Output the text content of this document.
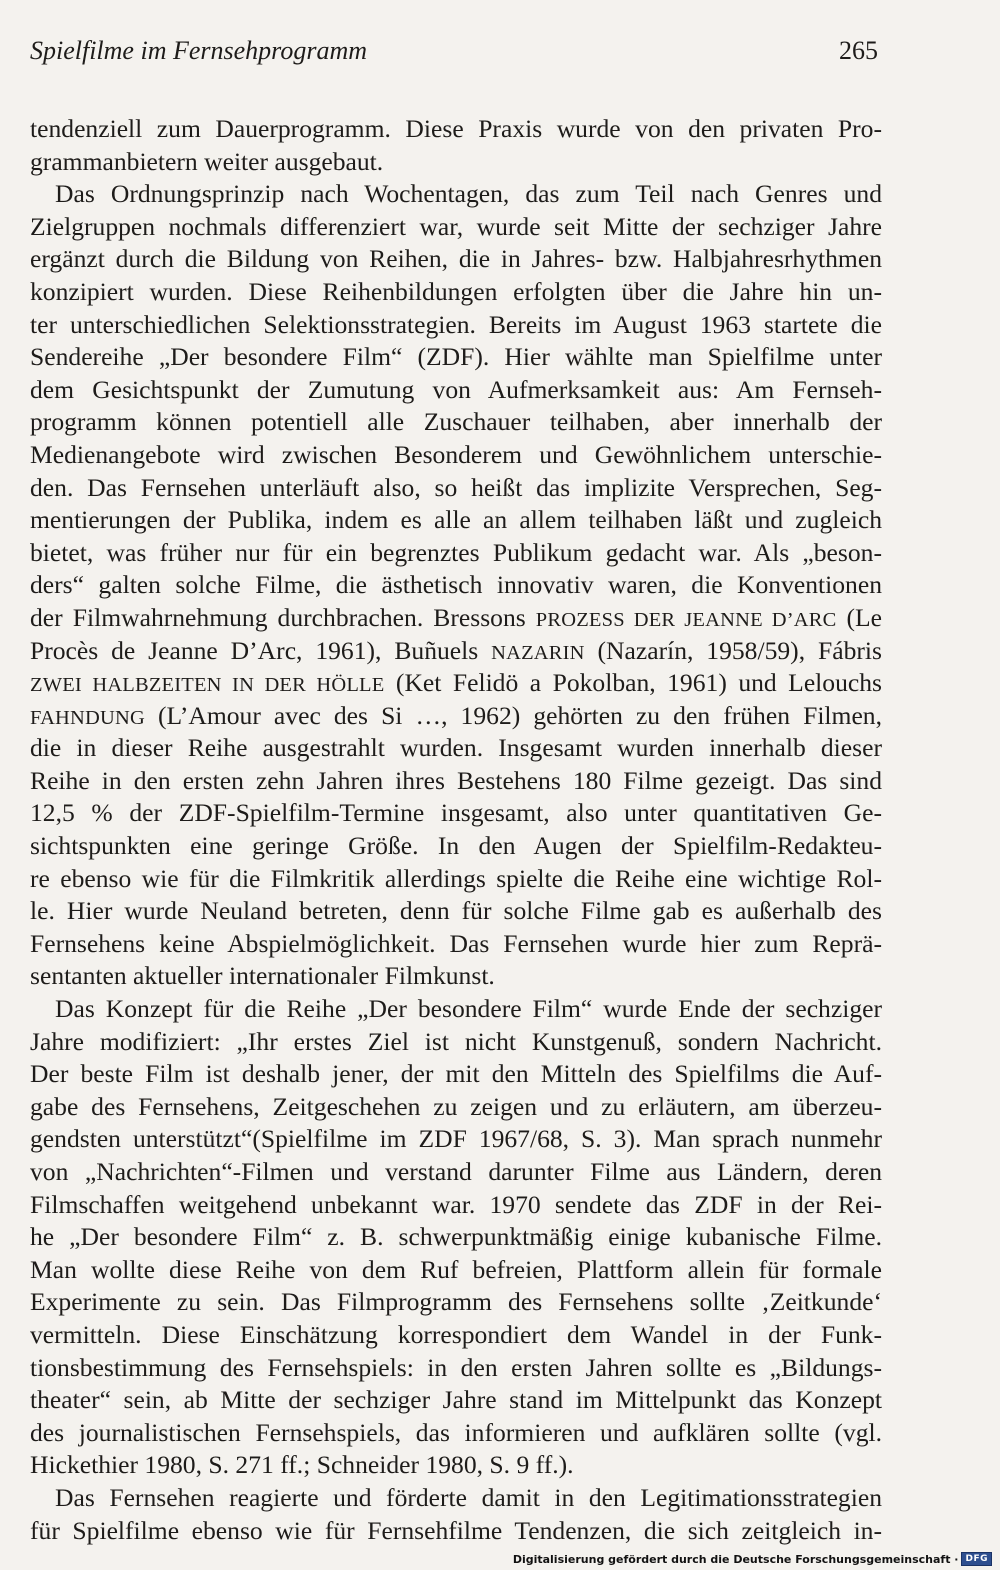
Spielfilme im Fernsehprogramm	265
tendenziell zum Dauerprogramm. Diese Praxis wurde von den privaten Pro-
grammanbietern weiter ausgebaut.
Das Ordnungsprinzip nach Wochentagen, das zum Teil nach Genres und
Zielgruppen nochmals differenziert war, wurde seit Mitte der sechziger Jahre
ergänzt durch die Bildung von Reihen, die in Jahres- bzw. Halbjahresrhythmen
konzipiert wurden. Diese Reihenbildungen erfolgten über die Jahre hin un-
ter unterschiedlichen Selektionsstrategien. Bereits im August 1963 startete die
Sendereihe „Der besondere Film“ (ZDF). Hier wählte man Spielfilme unter
dem Gesichtspunkt der Zumutung von Aufmerksamkeit aus: Am Fernseh-
programm können potentiell alle Zuschauer teilhaben, aber innerhalb der
Medienangebote wird zwischen Besonderem und Gewöhnlichem unterschie-
den. Das Fernsehen unterläuft also, so heißt das implizite Versprechen, Seg-
mentierungen der Publika, indem es alle an allem teilhaben läßt und zugleich
bietet, was früher nur für ein begrenztes Publikum gedacht war. Als „beson-
ders“ galten solche Filme, die ästhetisch innovativ waren, die Konventionen
der Filmwahrnehmung durchbrachen. Bressons PROZESS DER JEANNE D’ARC (Le
Procès de Jeanne D’Arc, 1961), Buñuels NAZARIN (Nazarín, 1958/59), Fábris
ZWEI HALBZEITEN IN DER HÖLLE (Ket Felidö a Pokolban, 1961) und Lelouchs
FAHNDUNG (L’Amour avec des Si …, 1962) gehörten zu den frühen Filmen,
die in dieser Reihe ausgestrahlt wurden. Insgesamt wurden innerhalb dieser
Reihe in den ersten zehn Jahren ihres Bestehens 180 Filme gezeigt. Das sind
12,5 % der ZDF-Spielfilm-Termine insgesamt, also unter quantitativen Ge-
sichtspunkten eine geringe Größe. In den Augen der Spielfilm-Redakteu-
re ebenso wie für die Filmkritik allerdings spielte die Reihe eine wichtige Rol-
le. Hier wurde Neuland betreten, denn für solche Filme gab es außerhalb des
Fernsehens keine Abspielmöglichkeit. Das Fernsehen wurde hier zum Reprä-
sentanten aktueller internationaler Filmkunst.
Das Konzept für die Reihe „Der besondere Film“ wurde Ende der sechziger
Jahre modifiziert: „Ihr erstes Ziel ist nicht Kunstgenuß, sondern Nachricht.
Der beste Film ist deshalb jener, der mit den Mitteln des Spielfilms die Auf-
gabe des Fernsehens, Zeitgeschehen zu zeigen und zu erläutern, am überzeu-
gendsten unterstützt“(Spielfilme im ZDF 1967/68, S. 3). Man sprach nunmehr
von „Nachrichten“-Filmen und verstand darunter Filme aus Ländern, deren
Filmschaffen weitgehend unbekannt war. 1970 sendete das ZDF in der Rei-
he „Der besondere Film“ z. B. schwerpunktmäßig einige kubanische Filme.
Man wollte diese Reihe von dem Ruf befreien, Plattform allein für formale
Experimente zu sein. Das Filmprogramm des Fernsehens sollte ‚Zeitkunde‘
vermitteln. Diese Einschätzung korrespondiert dem Wandel in der Funk-
tionsbestimmung des Fernsehspiels: in den ersten Jahren sollte es „Bildungs-
theater“ sein, ab Mitte der sechziger Jahre stand im Mittelpunkt das Konzept
des journalistischen Fernsehspiels, das informieren und aufklären sollte (vgl.
Hickethier 1980, S. 271 ff.; Schneider 1980, S. 9 ff.).
Das Fernsehen reagierte und förderte damit in den Legitimationsstrategien
für Spielfilme ebenso wie für Fernsehfilme Tendenzen, die sich zeitgleich in-
Digitalisierung gefördert durch die Deutsche Forschungsgemeinschaft · DFG
